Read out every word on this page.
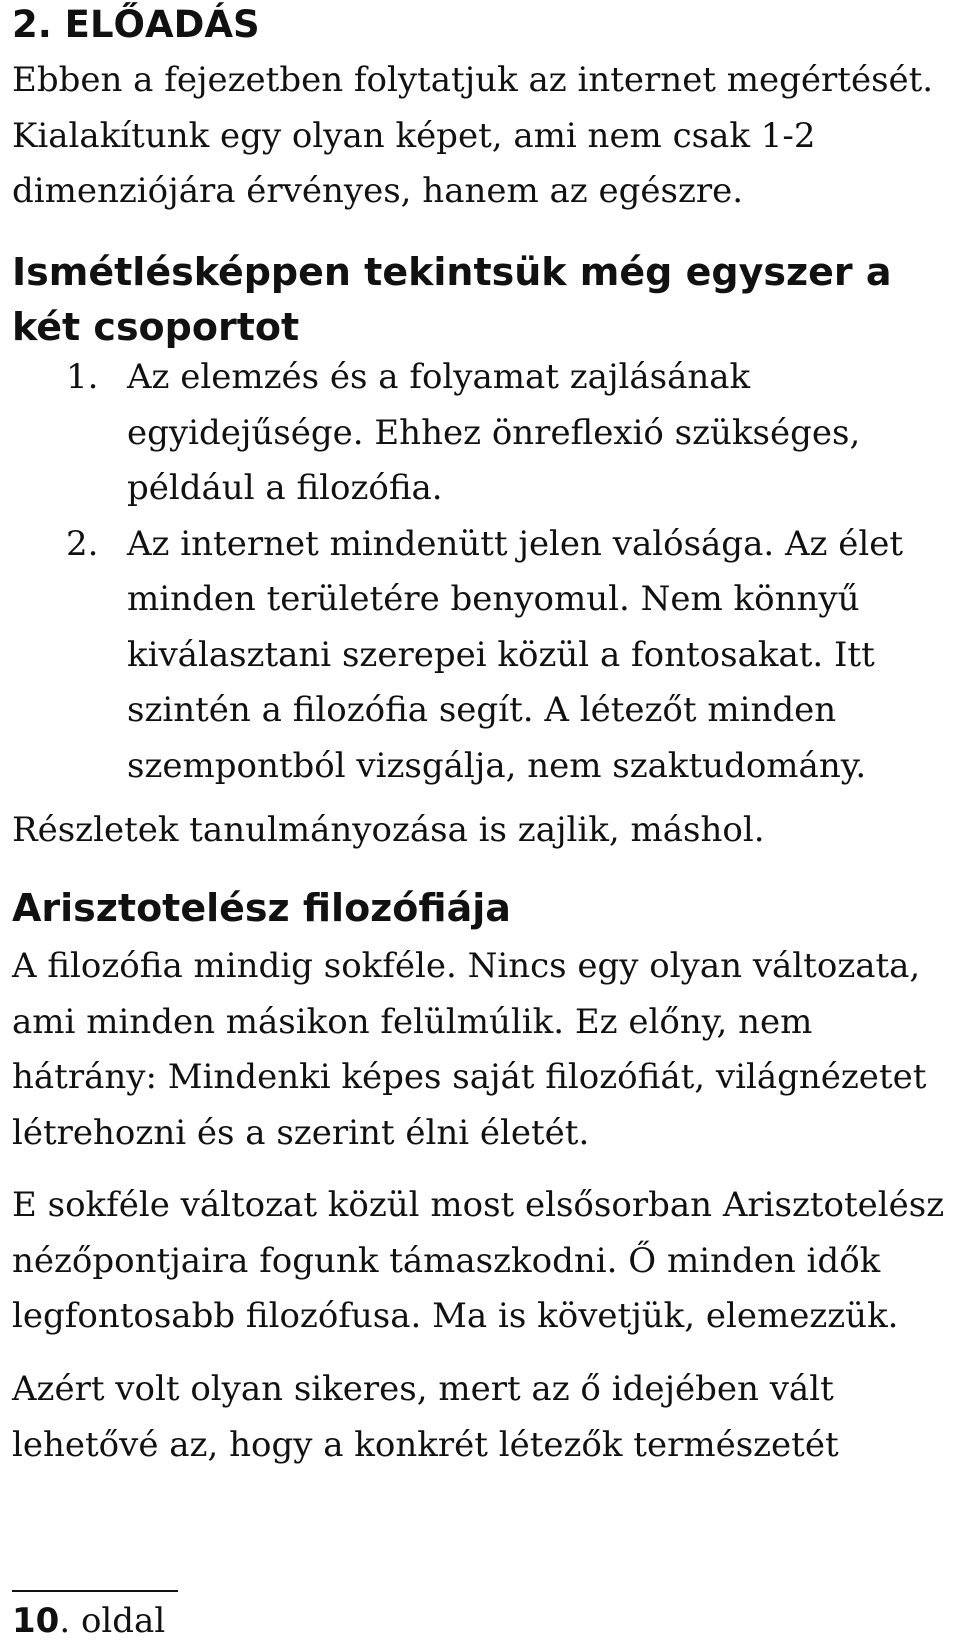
2. ELŐADÁS

Ebben a fejezetben folytatjuk az internet megértését. Kialakítunk egy olyan képet, ami nem csak 1-2 dimenziójára érvényes, hanem az egészre.

Ismétlésképpen tekintsük még egyszer a két csoportot
1. Az elemzés és a folyamat zajlásának egyidejűsége. Ehhez önreflexió szükséges, például a filozófia.
2. Az internet mindenütt jelen valósága. Az élet minden területére benyomul. Nem könnyű kiválasztani szerepei közül a fontosakat. Itt szintén a filozófia segít. A létezőt minden szempontból vizsgálja, nem szaktudomány.

Részletek tanulmányozása is zajlik, máshol.

Arisztotelész filozófiája

A filozófia mindig sokféle. Nincs egy olyan változata, ami minden másikon felülmúlik. Ez előny, nem hátrány: Mindenki képes saját filozófiát, világnézetet létrehozni és a szerint élni életét.

E sokféle változat közül most elsősorban Arisztotelész nézőpontjaira fogunk támaszkodni. Ő minden idők legfontosabb filozófusa. Ma is követjük, elemezzük.

Azért volt olyan sikeres, mert az ő idejében vált lehetővé az, hogy a konkrét létezők természetét

10. oldal
